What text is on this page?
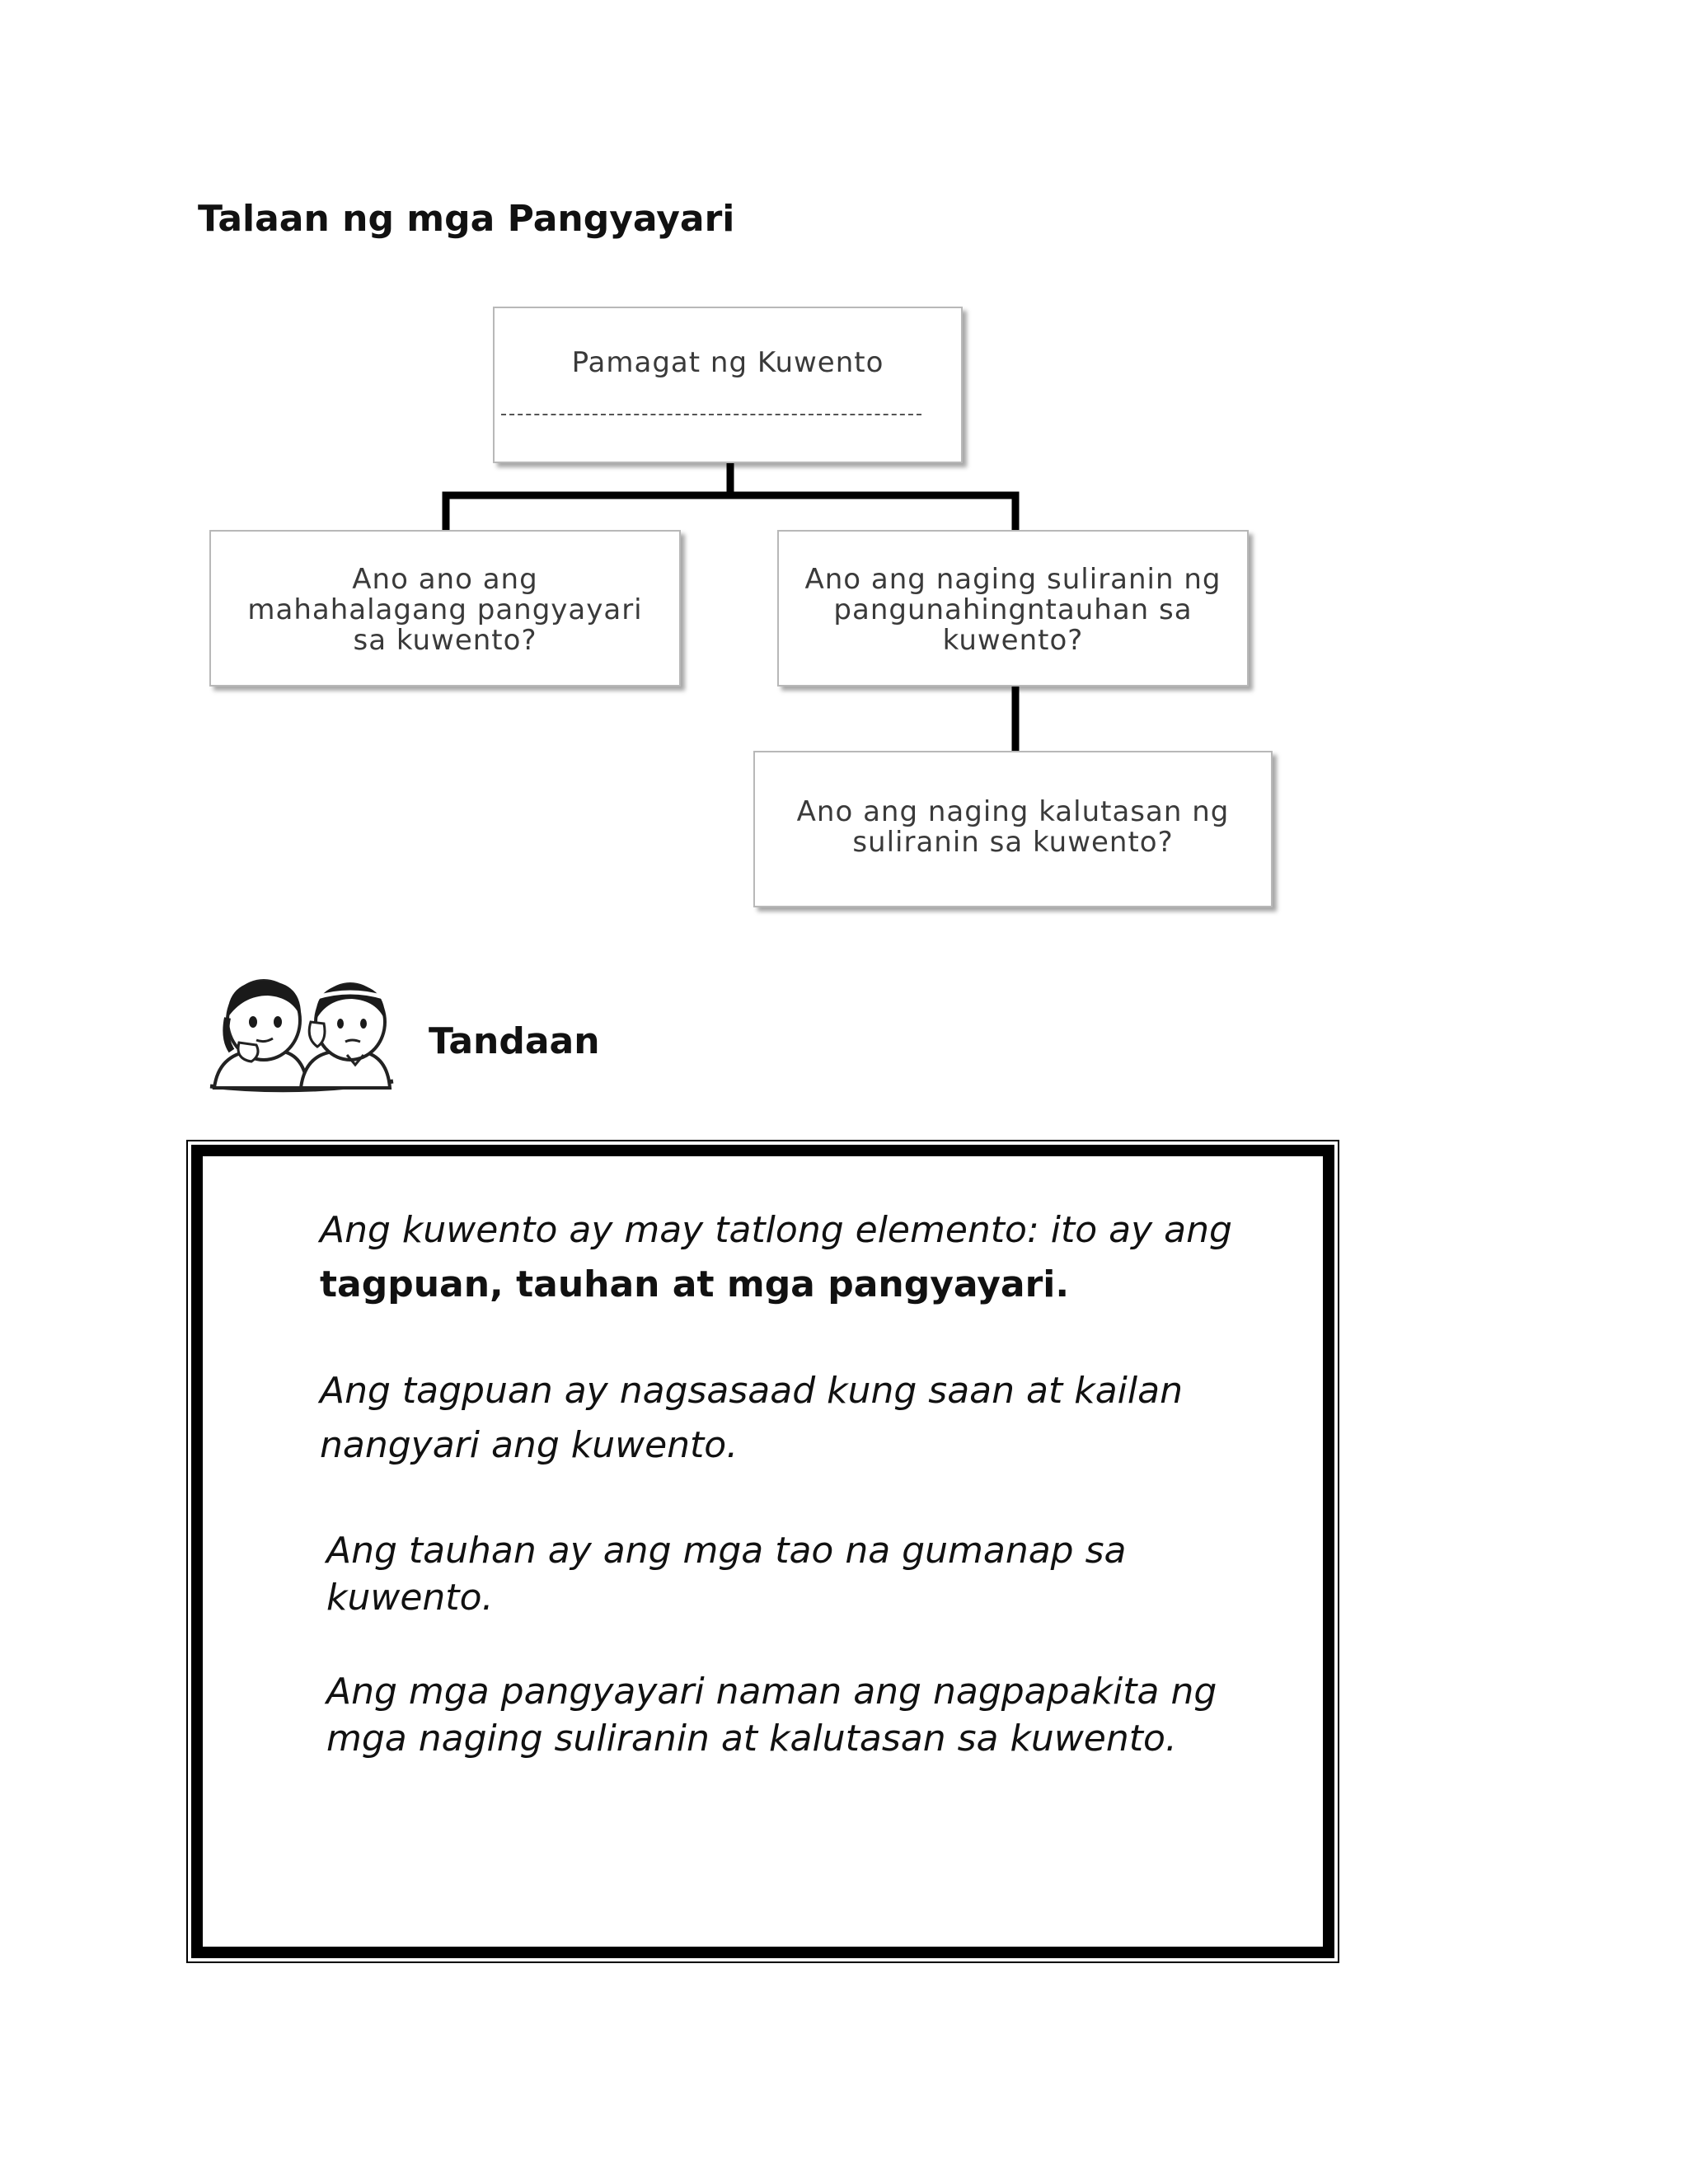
Talaan ng mga Pangyayari
Pamagat ng Kuwento
Ano ano ang
mahahalagang pangyayari
sa kuwento?
Ano ang naging suliranin ng
pangunahingntauhan sa
kuwento?
Ano ang naging kalutasan ng
suliranin sa kuwento?
Tandaan

Ang kuwento ay may tatlong elemento: ito ay ang
tagpuan, tauhan at mga pangyayari.

Ang tagpuan ay nagsasaad kung saan at kailan
nangyari ang kuwento.

Ang tauhan ay ang mga tao na gumanap sa
kuwento.

Ang mga pangyayari naman ang nagpapakita ng
mga naging suliranin at kalutasan sa kuwento.
